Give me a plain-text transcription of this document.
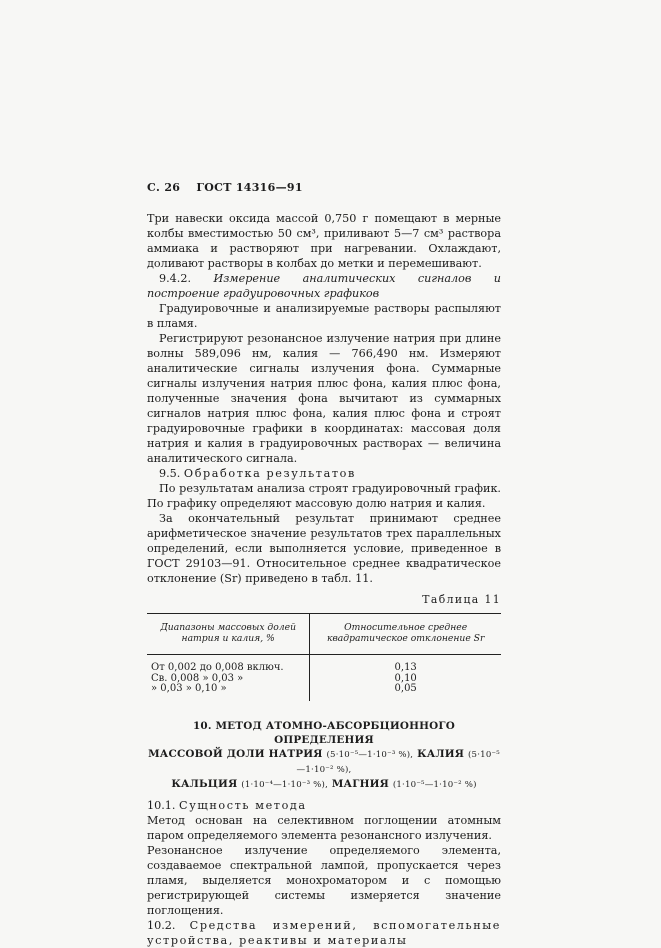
С. 26 ГОСТ 14316—91

Три навески оксида массой 0,750 г помещают в мерные колбы вместимостью 50 см³, приливают 5—7 см³ раствора аммиака и растворяют при нагревании. Охлаждают, доливают растворы в колбах до метки и перемешивают.

9.4.2. Измерение аналитических сигналов и построение градуировочных графиков

Градуировочные и анализируемые растворы распыляют в пламя.

Регистрируют резонансное излучение натрия при длине волны 589,096 нм, калия — 766,490 нм. Измеряют аналитические сигналы излучения фона. Суммарные сигналы излучения натрия плюс фона, калия плюс фона, полученные значения фона вычитают из суммарных сигналов натрия плюс фона, калия плюс фона и строят градуировочные графики в координатах: массовая доля натрия и калия в градуировочных растворах — величина аналитического сигнала.

9.5. Обработка результатов

По результатам анализа строят градуировочный график. По графику определяют массовую долю натрия и калия.

За окончательный результат принимают среднее арифметическое значение результатов трех параллельных определений, если выполняется условие, приведенное в ГОСТ 29103—91. Относительное среднее квадратическое отклонение (Sr) приведено в табл. 11.

Таблица 11
Диапазоны массовых долей натрия и калия, %	Относительное среднее квадратическое отклонение Sr
От 0,002 до 0,008 включ.	0,13
Св. 0,008 » 0,03 »	0,10
» 0,03 » 0,10 »	0,05
10. МЕТОД АТОМНО-АБСОРБЦИОННОГО ОПРЕДЕЛЕНИЯ
МАССОВОЙ ДОЛИ НАТРИЯ (5·10⁻⁵—1·10⁻³ %), КАЛИЯ (5·10⁻⁵—1·10⁻² %),
КАЛЬЦИЯ (1·10⁻⁴—1·10⁻³ %), МАГНИЯ (1·10⁻⁵—1·10⁻² %)

10.1. Сущность метода

Метод основан на селективном поглощении атомным паром определяемого элемента резонансного излучения.

Резонансное излучение определяемого элемента, создаваемое спектральной лампой, пропускается через пламя, выделяется монохроматором и с помощью регистрирующей системы измеряется значение поглощения.

10.2. Средства измерений, вспомогательные устройства, реактивы и материалы
